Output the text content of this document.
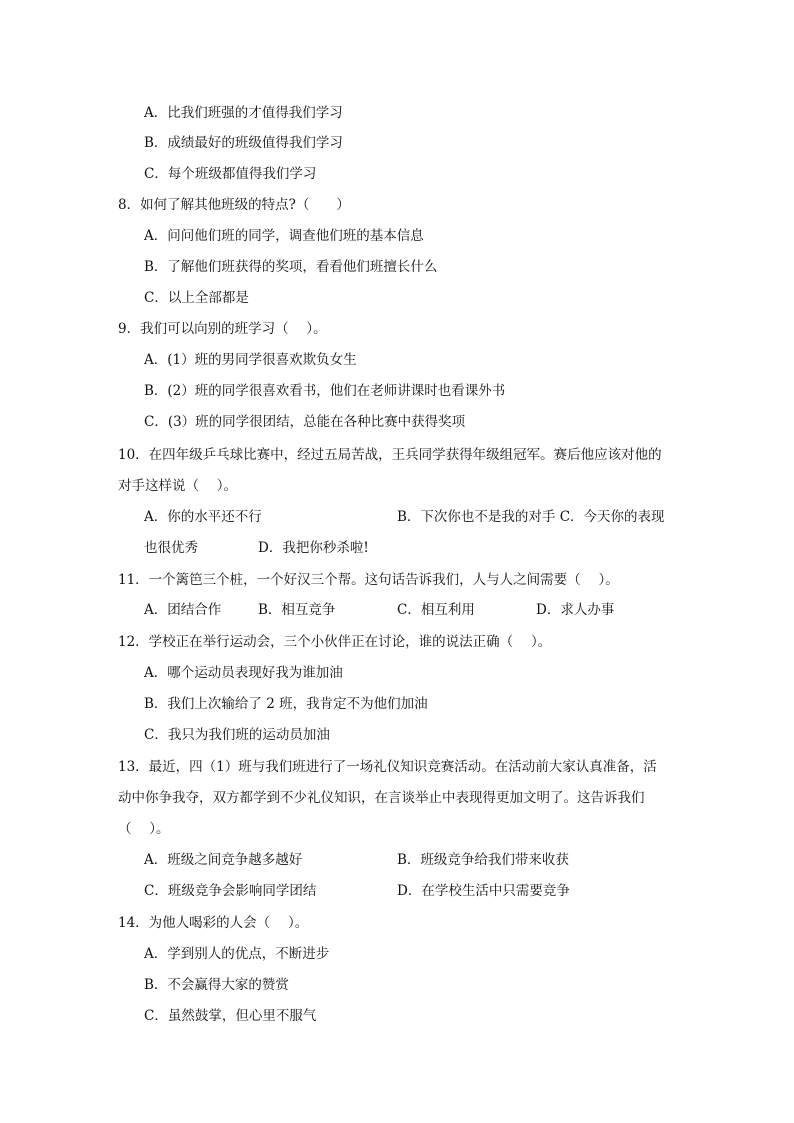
A．比我们班强的才值得我们学习
B．成绩最好的班级值得我们学习
C．每个班级都值得我们学习
8．如何了解其他班级的特点?（　　）
A．问问他们班的同学，调查他们班的基本信息
B．了解他们班获得的奖项，看看他们班擅长什么
C．以上全部都是
9．我们可以向别的班学习（　 ）。
A．(1）班的男同学很喜欢欺负女生
B．(2）班的同学很喜欢看书，他们在老师讲课时也看课外书
C．(3）班的同学很团结，总能在各种比赛中获得奖项
10．在四年级乒乓球比赛中，经过五局苦战，王兵同学获得年级组冠军。赛后他应该对他的
对手这样说（　 ）。
A．你的水平还不行	B．下次你也不是我的对手 C．今天你的表现
也很优秀	D．我把你秒杀啦!
11．一个篱笆三个桩，一个好汉三个帮。这句话告诉我们，人与人之间需要（　 ）。
A．团结合作	B．相互竞争	C．相互利用	D．求人办事
12．学校正在举行运动会，三个小伙伴正在讨论，谁的说法正确（　 ）。
A．哪个运动员表现好我为谁加油
B．我们上次输给了 2 班，我肯定不为他们加油
C．我只为我们班的运动员加油
13．最近，四（1）班与我们班进行了一场礼仪知识竞赛活动。在活动前大家认真准备，活
动中你争我夺，双方都学到不少礼仪知识，在言谈举止中表现得更加文明了。这告诉我们
（　 ）。
A．班级之间竞争越多越好	B．班级竞争给我们带来收获
C．班级竞争会影响同学团结	D．在学校生活中只需要竞争
14．为他人喝彩的人会（　 ）。
A．学到别人的优点，不断进步
B．不会赢得大家的赞赏
C．虽然鼓掌，但心里不服气
